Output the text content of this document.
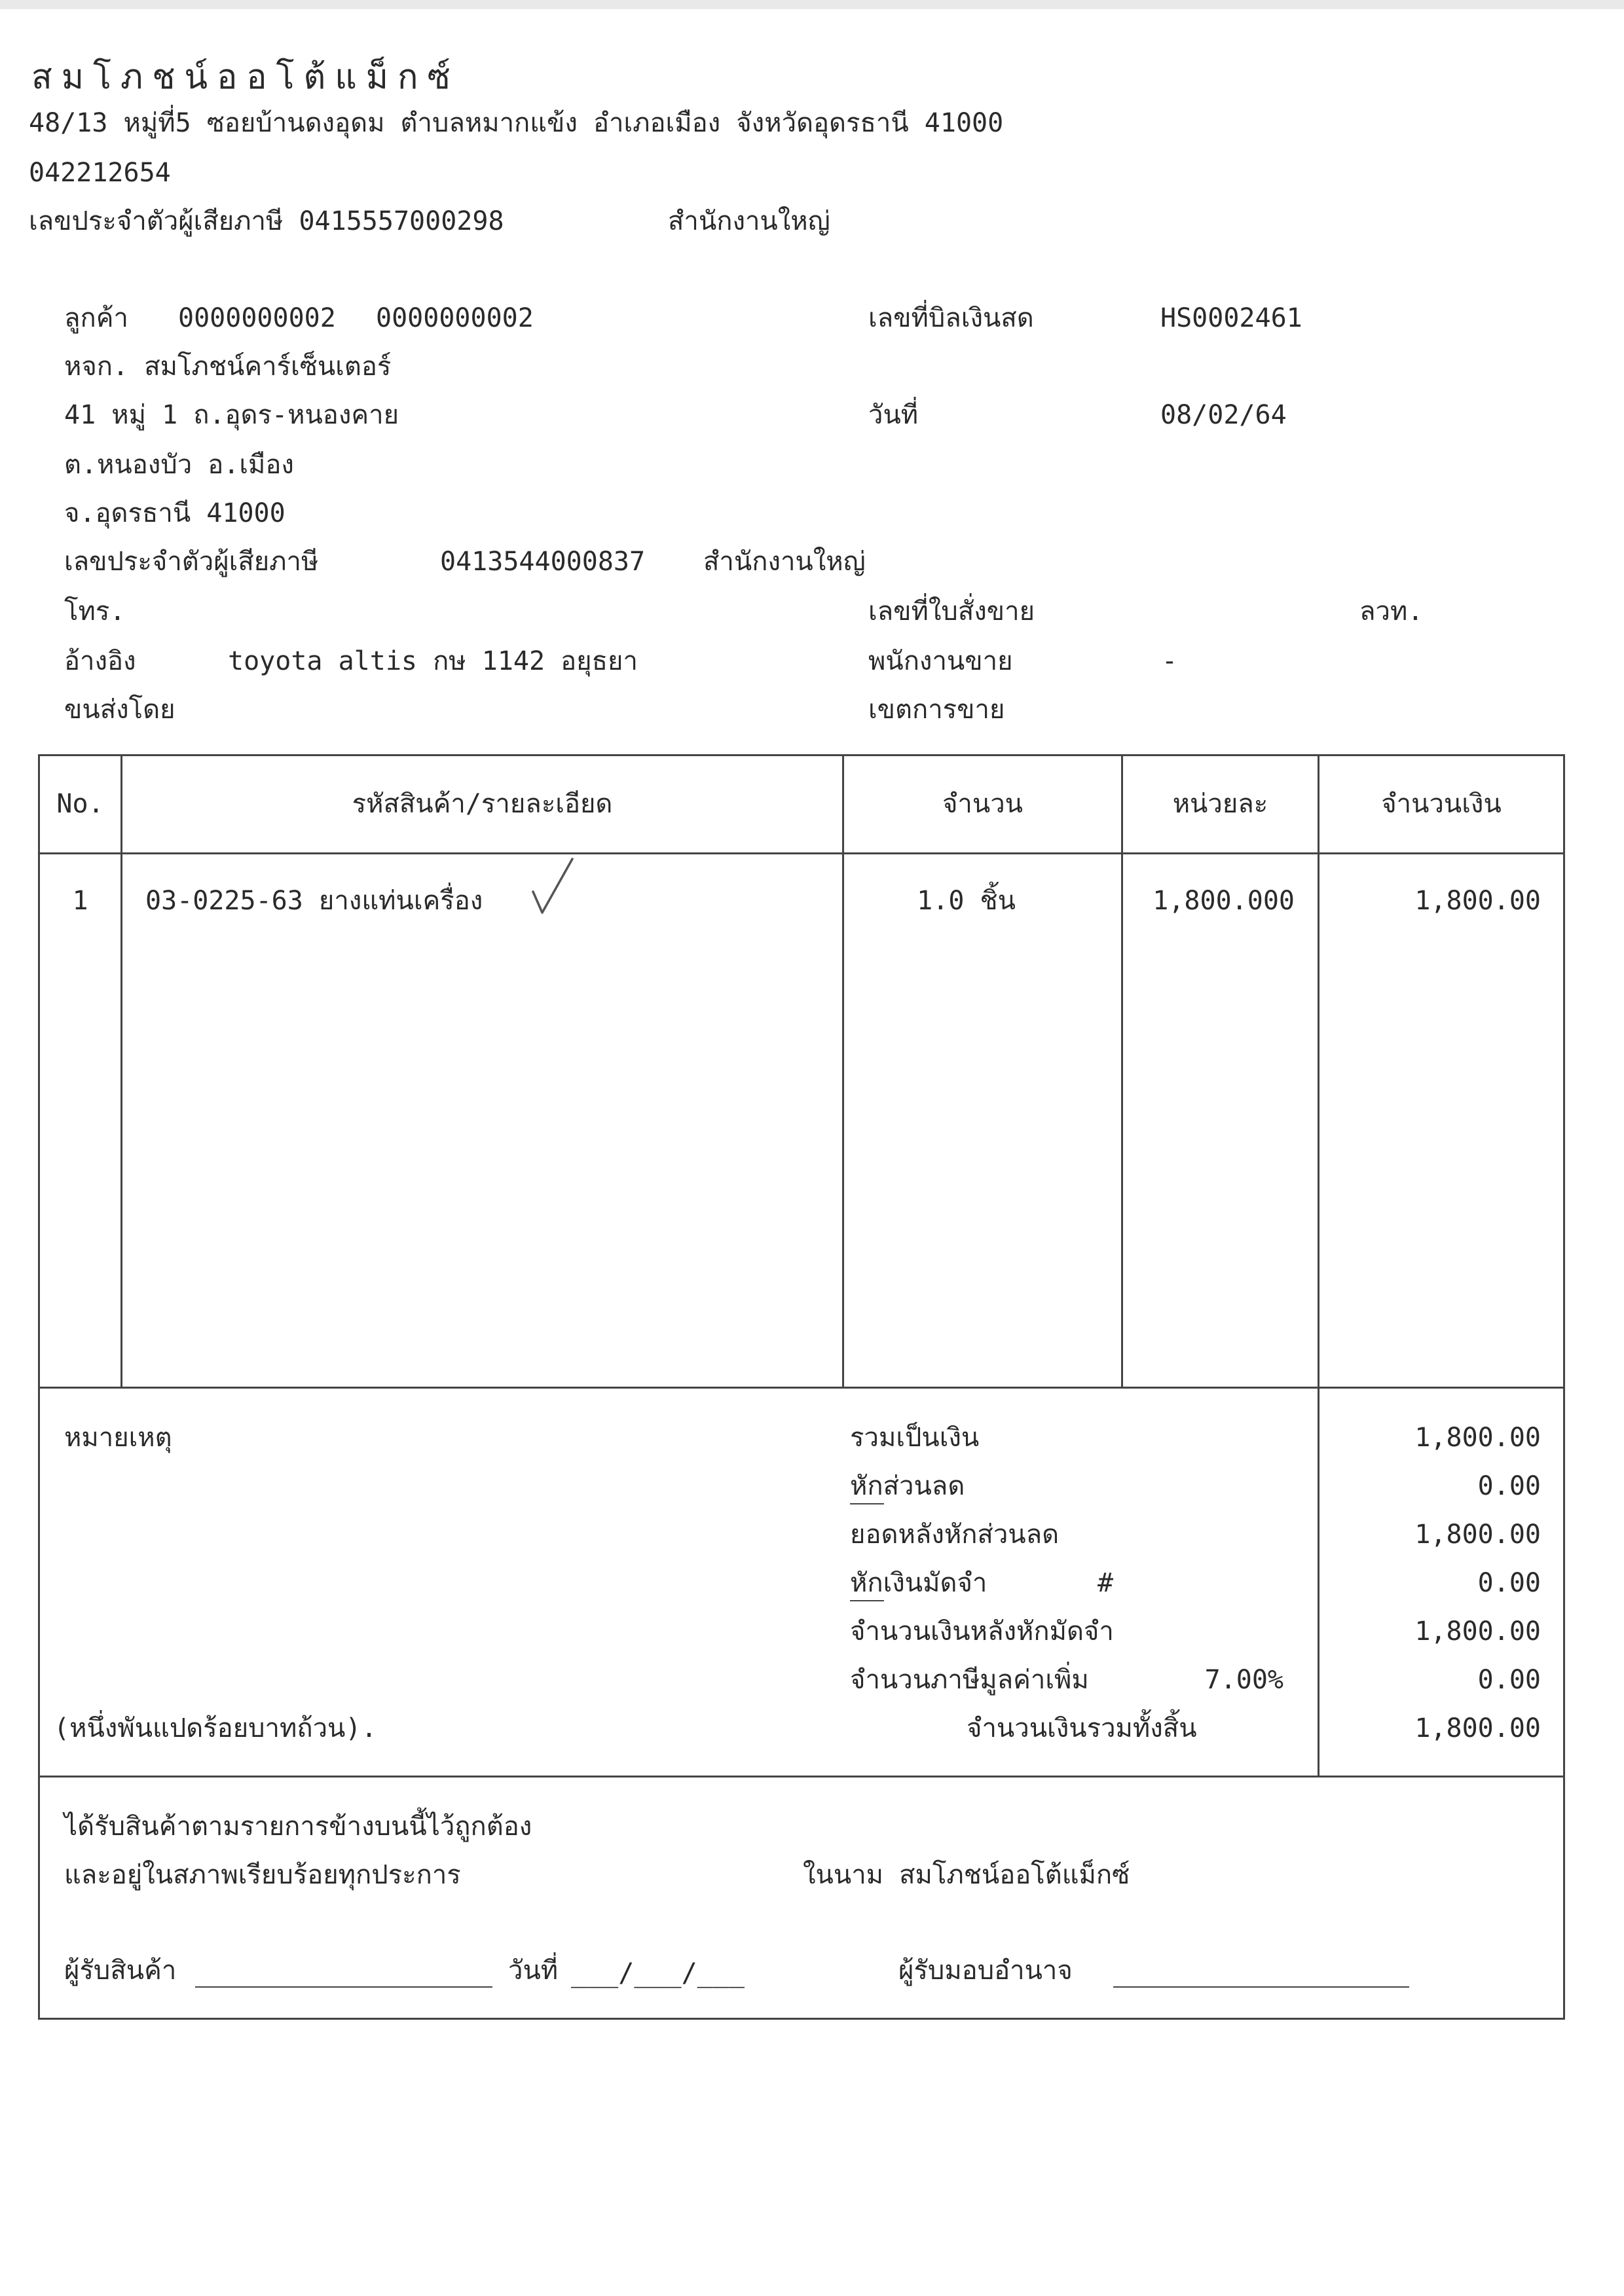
สมโภชน์ออโต้แม็กซ์
48/13 หมู่ที่5 ซอยบ้านดงอุดม ตำบลหมากแข้ง อำเภอเมือง จังหวัดอุดรธานี 41000
042212654
เลขประจำตัวผู้เสียภาษี 0415557000298	สำนักงานใหญ่
ลูกค้า 0000000002 0000000002
หจก. สมโภชน์คาร์เซ็นเตอร์
41 หมู่ 1 ถ.อุดร-หนองคาย
ต.หนองบัว อ.เมือง
จ.อุดรธานี 41000
เลขประจำตัวผู้เสียภาษี	0413544000837 สำนักงานใหญ่
โทร.
อ้างอิง	toyota altis กษ 1142 อยุธยา
ขนส่งโดย
เลขที่บิลเงินสด	HS0002461
วันที่	08/02/64
เลขที่ใบสั่งขาย	ลวท.
พนักงานขาย	-
เขตการขาย
No.	รหัสสินค้า/รายละเอียด	จำนวน	หน่วยละ	จำนวนเงิน
1	03-0225-63 ยางแท่นเครื่อง	1.0 ชิ้น	1,800.000	1,800.00
หมายเหตุ
(หนึ่งพันแปดร้อยบาทถ้วน).
รวมเป็นเงิน	1,800.00
หักส่วนลด	0.00
ยอดหลังหักส่วนลด	1,800.00
หักเงินมัดจำ	#	0.00
จำนวนเงินหลังหักมัดจำ	1,800.00
จำนวนภาษีมูลค่าเพิ่ม	7.00%	0.00
จำนวนเงินรวมทั้งสิ้น	1,800.00
ได้รับสินค้าตามรายการข้างบนนี้ไว้ถูกต้อง
และอยู่ในสภาพเรียบร้อยทุกประการ	ในนาม สมโภชน์ออโต้แม็กซ์
ผู้รับสินค้า	วันที่ ___/___/___	ผู้รับมอบอำนาจ
